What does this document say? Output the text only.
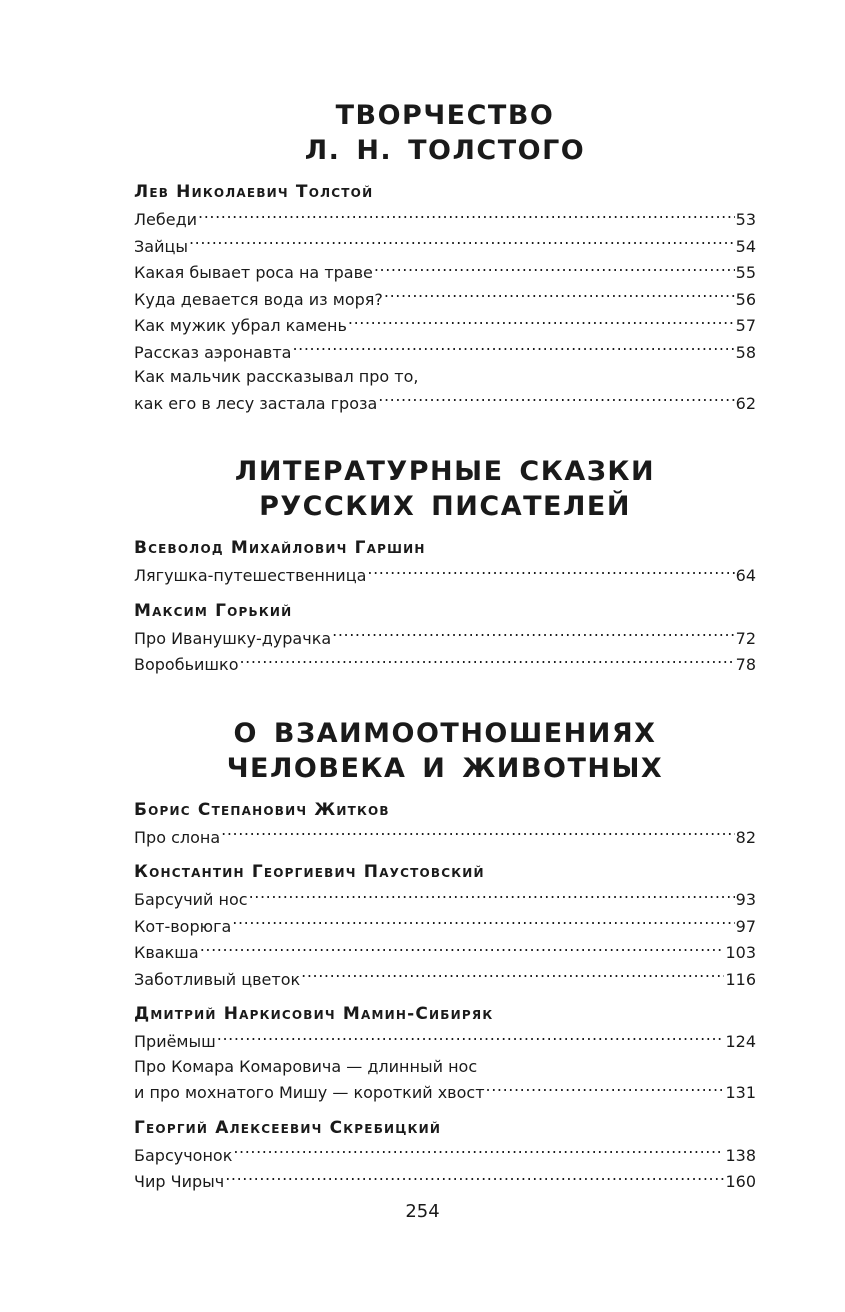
ТВОРЧЕСТВО
Л. Н. ТОЛСТОГО
Лев Николаевич Толстой
Лебеди .....	53
Зайцы .....	54
Какая бывает роса на траве .....	55
Куда девается вода из моря? .....	56
Как мужик убрал камень .....	57
Рассказ аэронавта .....	58
Как мальчик рассказывал про то,
как его в лесу застала гроза .....	62
ЛИТЕРАТУРНЫЕ СКАЗКИ
РУССКИХ ПИСАТЕЛЕЙ
Всеволод Михайлович Гаршин
Лягушка-путешественница .....	64
Максим Горький
Про Иванушку-дурачка .....	72
Воробьишко .....	78
О ВЗАИМООТНОШЕНИЯХ
ЧЕЛОВЕКА И ЖИВОТНЫХ
Борис Степанович Житков
Про слона .....	82
Константин Георгиевич Паустовский
Барсучий нос .....	93
Кот-ворюга .....	97
Квакша .....	103
Заботливый цветок .....	116
Дмитрий Наркисович Мамин-Сибиряк
Приёмыш .....	124
Про Комара Комаровича — длинный нос
и про мохнатого Мишу — короткий хвост .....	131
Георгий Алексеевич Скребицкий
Барсучонок .....	138
Чир Чирыч .....	160
254
